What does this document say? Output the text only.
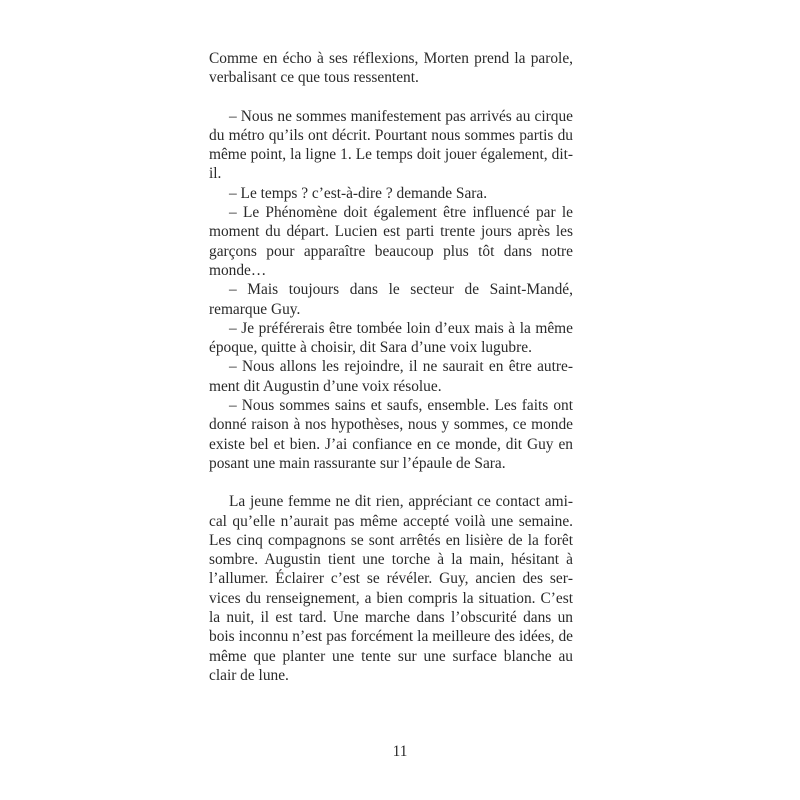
Comme en écho à ses réflexions, Morten prend la parole, verbalisant ce que tous ressentent.

– Nous ne sommes manifestement pas arrivés au cirque du métro qu’ils ont décrit. Pourtant nous sommes partis du même point, la ligne 1. Le temps doit jouer également, dit-il.

– Le temps ? c’est-à-dire ? demande Sara.

– Le Phénomène doit également être influencé par le moment du départ. Lucien est parti trente jours après les garçons pour apparaître beaucoup plus tôt dans notre monde…

– Mais toujours dans le secteur de Saint-Mandé, remarque Guy.

– Je préférerais être tombée loin d’eux mais à la même époque, quitte à choisir, dit Sara d’une voix lugubre.

– Nous allons les rejoindre, il ne saurait en être autrement dit Augustin d’une voix résolue.

– Nous sommes sains et saufs, ensemble. Les faits ont donné raison à nos hypothèses, nous y sommes, ce monde existe bel et bien. J’ai confiance en ce monde, dit Guy en posant une main rassurante sur l’épaule de Sara.

La jeune femme ne dit rien, appréciant ce contact amical qu’elle n’aurait pas même accepté voilà une semaine. Les cinq compagnons se sont arrêtés en lisière de la forêt sombre. Augustin tient une torche à la main, hésitant à l’allumer. Éclairer c’est se révéler. Guy, ancien des services du renseignement, a bien compris la situation. C’est la nuit, il est tard. Une marche dans l’obscurité dans un bois inconnu n’est pas forcément la meilleure des idées, de même que planter une tente sur une surface blanche au clair de lune.

11
